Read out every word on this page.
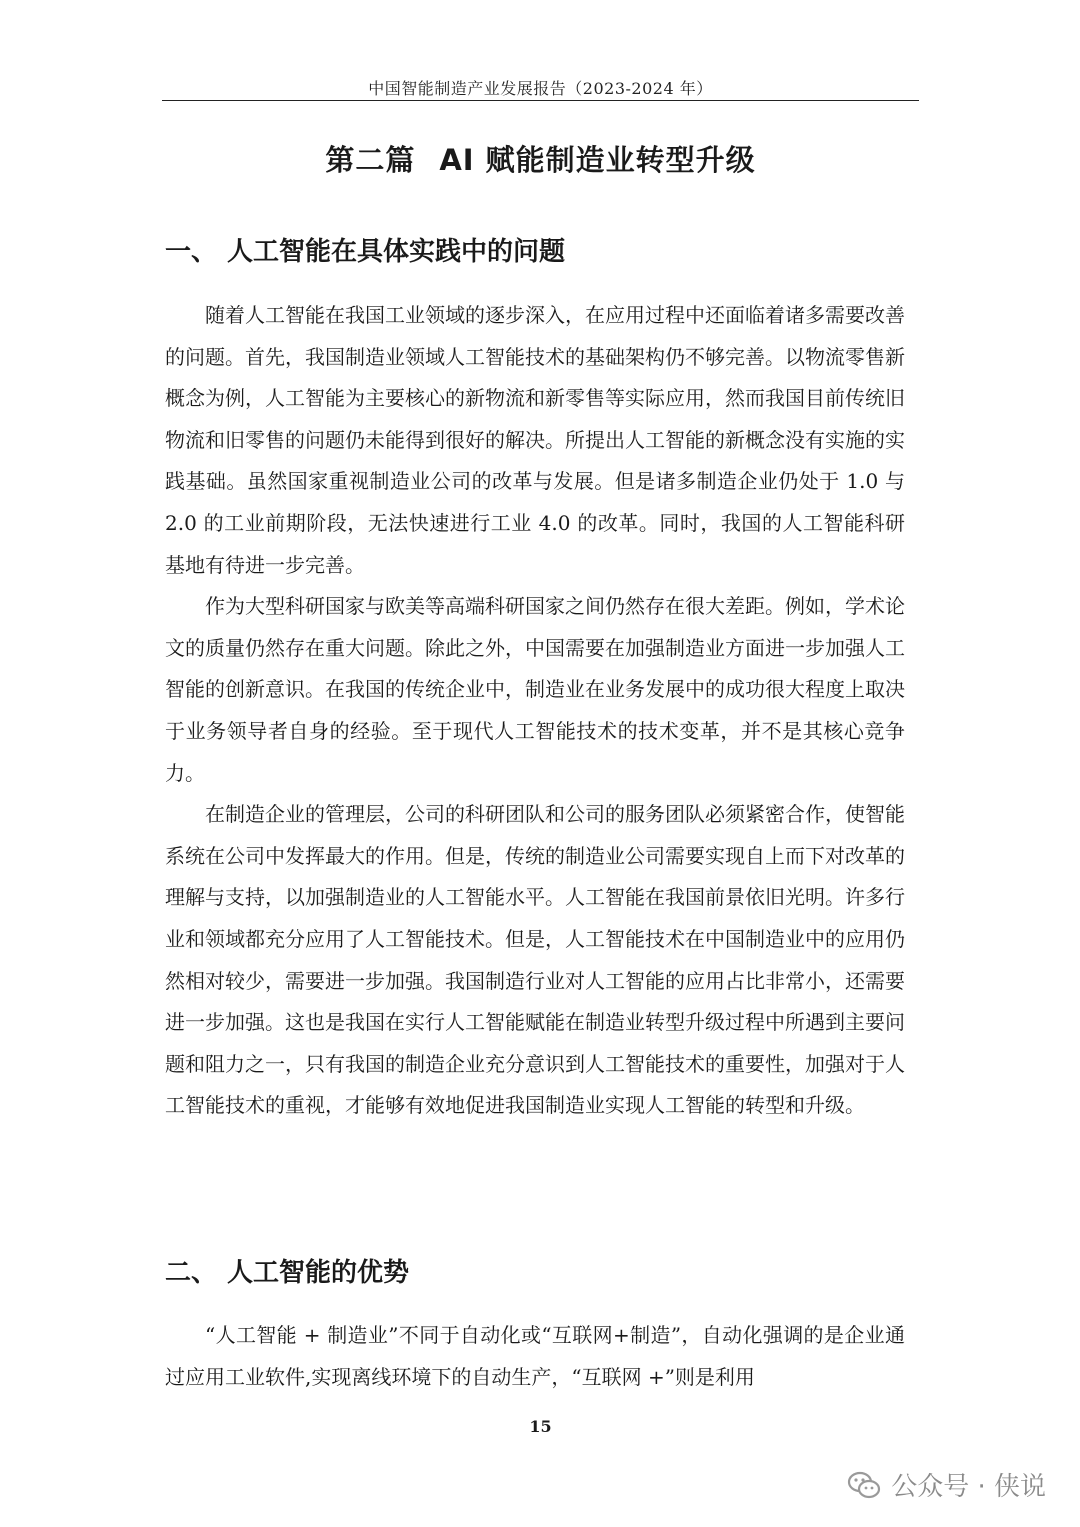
中国智能制造产业发展报告（2023-2024 年）
第二篇 AI 赋能制造业转型升级
一、 人工智能在具体实践中的问题

随着人工智能在我国工业领域的逐步深入，在应用过程中还面临着诸多需要改善的问题。首先，我国制造业领域人工智能技术的基础架构仍不够完善。以物流零售新概念为例，人工智能为主要核心的新物流和新零售等实际应用，然而我国目前传统旧物流和旧零售的问题仍未能得到很好的解决。所提出人工智能的新概念没有实施的实践基础。虽然国家重视制造业公司的改革与发展。但是诸多制造企业仍处于 1.0 与 2.0 的工业前期阶段，无法快速进行工业 4.0 的改革。同时，我国的人工智能科研基地有待进一步完善。

作为大型科研国家与欧美等高端科研国家之间仍然存在很大差距。例如，学术论文的质量仍然存在重大问题。除此之外，中国需要在加强制造业方面进一步加强人工智能的创新意识。在我国的传统企业中，制造业在业务发展中的成功很大程度上取决于业务领导者自身的经验。至于现代人工智能技术的技术变革，并不是其核心竞争力。

在制造企业的管理层，公司的科研团队和公司的服务团队必须紧密合作，使智能系统在公司中发挥最大的作用。但是，传统的制造业公司需要实现自上而下对改革的理解与支持，以加强制造业的人工智能水平。人工智能在我国前景依旧光明。许多行业和领域都充分应用了人工智能技术。但是，人工智能技术在中国制造业中的应用仍然相对较少，需要进一步加强。我国制造行业对人工智能的应用占比非常小，还需要进一步加强。这也是我国在实行人工智能赋能在制造业转型升级过程中所遇到主要问题和阻力之一，只有我国的制造企业充分意识到人工智能技术的重要性，加强对于人工智能技术的重视，才能够有效地促进我国制造业实现人工智能的转型和升级。

二、 人工智能的优势

“人工智能 + 制造业”不同于自动化或“互联网+制造”，自动化强调的是企业通过应用工业软件,实现离线环境下的自动生产，“互联网 +”则是利用

15
公众号 · 侠说
